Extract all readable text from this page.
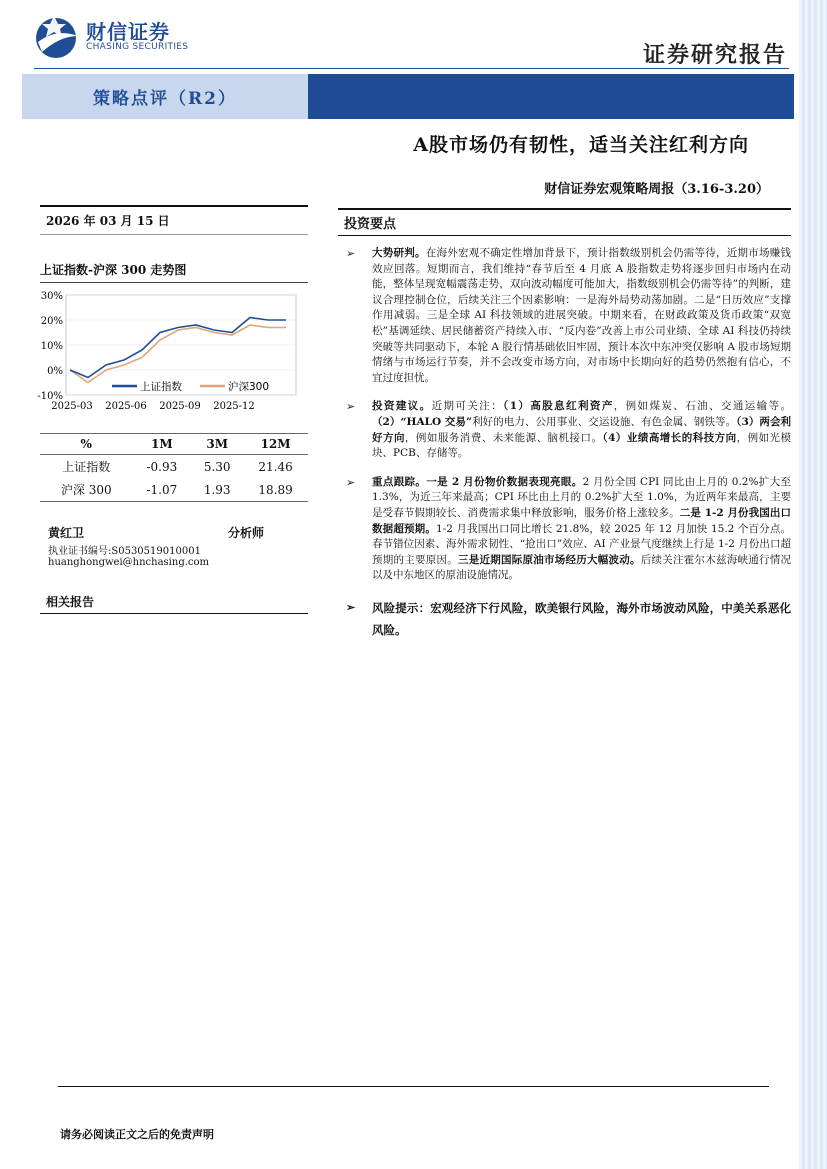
财信证券
CHASING SECURITIES	证券研究报告
策略点评（R2）
A股市场仍有韧性，适当关注红利方向
财信证券宏观策略周报（3.16-3.20）
2026 年 03 月 15 日
上证指数-沪深 300 走势图
30%
20%
10%
0%
-10%
2025-03 2025-06 2025-09 2025-12
上证指数	沪深300
%	1M	3M	12M
上证指数	-0.93	5.30	21.46
沪深 300	-1.07	1.93	18.89
黄红卫	分析师
执业证书编号:S0530519010001
huanghongwei@hnchasing.com
相关报告
投资要点
➢ 大势研判。在海外宏观不确定性增加背景下，预计指数级别机会仍需等待，近期市场赚钱效应回落。短期而言，我们维持“春节后至 4 月底 A 股指数走势将逐步回归市场内在动能，整体呈现宽幅震荡走势，双向波动幅度可能加大，指数级别机会仍需等待”的判断，建议合理控制仓位，后续关注三个因素影响：一是海外局势动荡加剧。二是“日历效应”支撑作用减弱。三是全球 AI 科技领域的进展突破。中期来看，在财政政策及货币政策“双宽松”基调延续、居民储蓄资产持续入市、“反内卷”改善上市公司业绩、全球 AI 科技仍持续突破等共同驱动下，本轮 A 股行情基础依旧牢固，预计本次中东冲突仅影响 A 股市场短期情绪与市场运行节奏，并不会改变市场方向，对市场中长期向好的趋势仍然抱有信心，不宜过度担忧。
➢ 投资建议。近期可关注：（1）高股息红利资产，例如煤炭、石油、交通运输等。（2）“HALO 交易”利好的电力、公用事业、交运设施、有色金属、钢铁等。（3）两会利好方向，例如服务消费、未来能源、脑机接口。（4）业绩高增长的科技方向，例如光模块、PCB、存储等。
➢ 重点跟踪。一是 2 月份物价数据表现亮眼。2 月份全国 CPI 同比由上月的 0.2%扩大至 1.3%，为近三年来最高；CPI 环比由上月的 0.2%扩大至 1.0%，为近两年来最高，主要是受春节假期较长、消费需求集中释放影响，服务价格上涨较多。二是 1-2 月份我国出口数据超预期。1-2 月我国出口同比增长 21.8%，较 2025 年 12 月加快 15.2 个百分点。春节错位因素、海外需求韧性、“抢出口”效应、AI 产业景气度继续上行是 1-2 月份出口超预期的主要原因。三是近期国际原油市场经历大幅波动。后续关注霍尔木兹海峡通行情况以及中东地区的原油设施情况。
➢ 风险提示：宏观经济下行风险，欧美银行风险，海外市场波动风险，中美关系恶化风险。
请务必阅读正文之后的免责声明
